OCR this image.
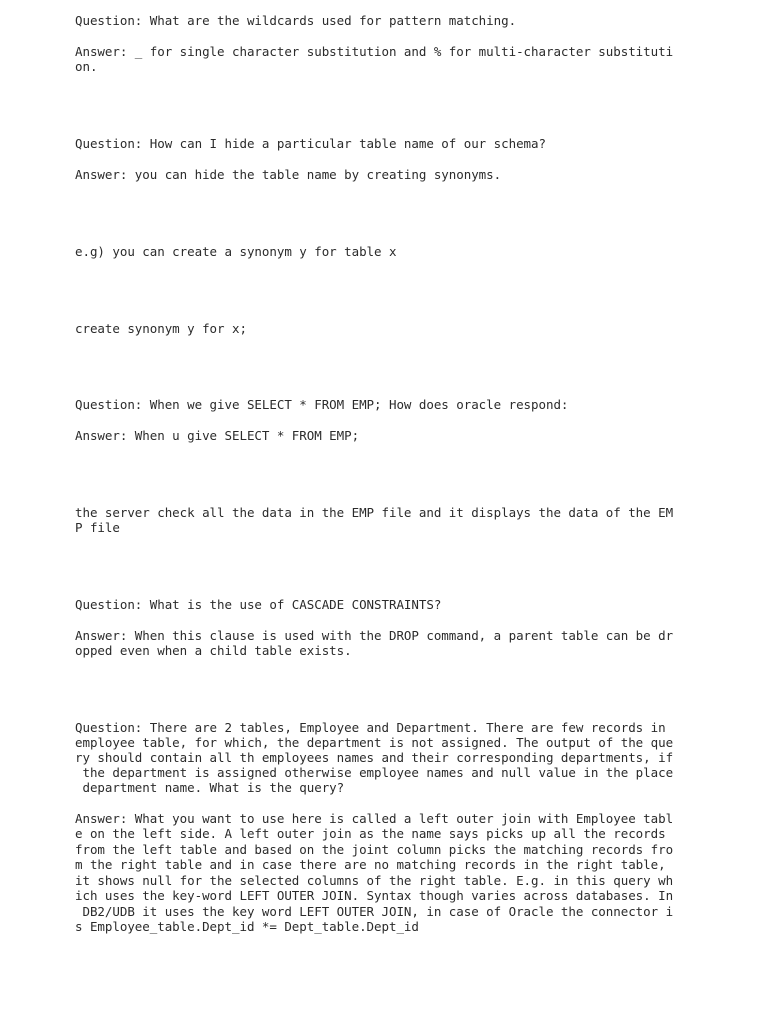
Question: What are the wildcards used for pattern matching.

Answer: _ for single character substitution and % for multi-character substituti

on.

Question: How can I hide a particular table name of our schema?

Answer: you can hide the table name by creating synonyms.

e.g) you can create a synonym y for table x

create synonym y for x;

Question: When we give SELECT * FROM EMP; How does oracle respond:

Answer: When u give SELECT * FROM EMP;

the server check all the data in the EMP file and it displays the data of the EM

P file

Question: What is the use of CASCADE CONSTRAINTS?

Answer: When this clause is used with the DROP command, a parent table can be dr

opped even when a child table exists.

Question: There are 2 tables, Employee and Department. There are few records in

employee table, for which, the department is not assigned. The output of the que

ry should contain all th employees names and their corresponding departments, if

the department is assigned otherwise employee names and null value in the place

department name. What is the query?

Answer: What you want to use here is called a left outer join with Employee tabl

e on the left side. A left outer join as the name says picks up all the records

from the left table and based on the joint column picks the matching records fro

m the right table and in case there are no matching records in the right table,

it shows null for the selected columns of the right table. E.g. in this query wh

ich uses the key-word LEFT OUTER JOIN. Syntax though varies across databases. In

DB2/UDB it uses the key word LEFT OUTER JOIN, in case of Oracle the connector i

s Employee_table.Dept_id *= Dept_table.Dept_id
